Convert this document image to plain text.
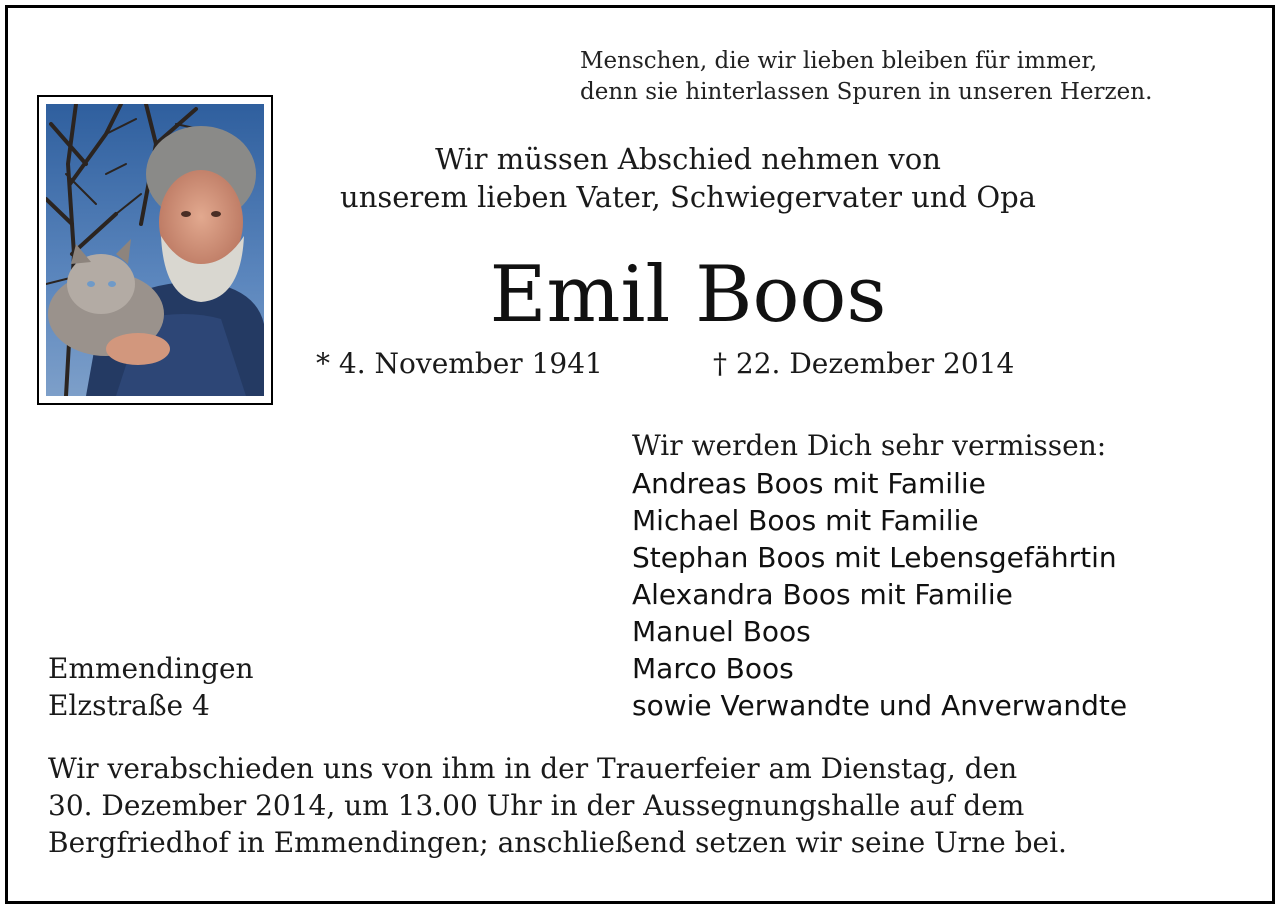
Menschen, die wir lieben bleiben für immer,
denn sie hinterlassen Spuren in unseren Herzen.
Wir müssen Abschied nehmen von
unserem lieben Vater, Schwiegervater und Opa
Emil Boos
* 4. November 1941	† 22. Dezember 2014
Wir werden Dich sehr vermissen:
Andreas Boos mit Familie
Michael Boos mit Familie
Stephan Boos mit Lebensgefährtin
Alexandra Boos mit Familie
Manuel Boos
Marco Boos
sowie Verwandte und Anverwandte
Emmendingen
Elzstraße 4
Wir verabschieden uns von ihm in der Trauerfeier am Dienstag, den
30. Dezember 2014, um 13.00 Uhr in der Aussegnungshalle auf dem
Bergfriedhof in Emmendingen; anschließend setzen wir seine Urne bei.
